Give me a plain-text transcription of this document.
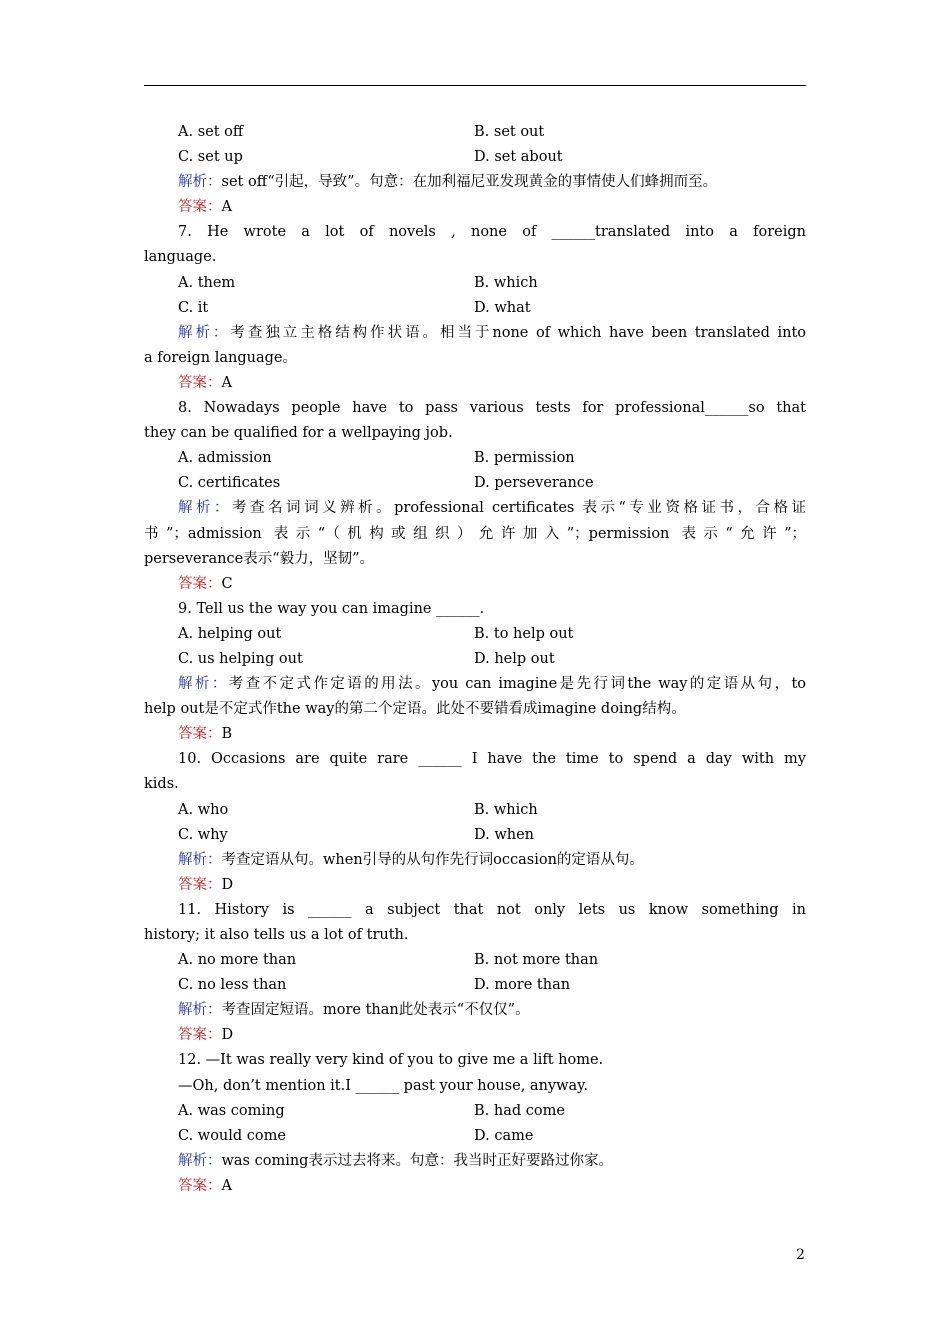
A. set off	B. set out
C. set up	D. set about
解析：set off“引起，导致”。句意：在加利福尼亚发现黄金的事情使人们蜂拥而至。
答案：A
7. He wrote a lot of novels , none of ______translated into a foreign
language.
A. them	B. which
C. it	D. what
解析：考查独立主格结构作状语。相当于none of which have been translated into
a foreign language。
答案：A
8. Nowadays people have to pass various tests for professional______so that
they can be qualified for a wellpaying job.
A. admission	B. permission
C. certificates	D. perseverance
解析：考查名词词义辨析。professional certificates 表示“专业资格证书，合格证
书”；admission 表示“（机构或组织）允许加入”；permission 表示“允许”；
perseverance表示“毅力，坚韧”。
答案：C
9. Tell us the way you can imagine ______.
A. helping out	B. to help out
C. us helping out	D. help out
解析：考查不定式作定语的用法。you can imagine是先行词the way的定语从句，to
help out是不定式作the way的第二个定语。此处不要错看成imagine doing结构。
答案：B
10. Occasions are quite rare ______ I have the time to spend a day with my
kids.
A. who	B. which
C. why	D. when
解析：考查定语从句。when引导的从句作先行词occasion的定语从句。
答案：D
11. History is ______ a subject that not only lets us know something in
history; it also tells us a lot of truth.
A. no more than	B. not more than
C. no less than	D. more than
解析：考查固定短语。more than此处表示“不仅仅”。
答案：D
12. —It was really very kind of you to give me a lift home.
—Oh, don’t mention it.I ______ past your house, anyway.
A. was coming	B. had come
C. would come	D. came
解析：was coming表示过去将来。句意：我当时正好要路过你家。
答案：A
2
